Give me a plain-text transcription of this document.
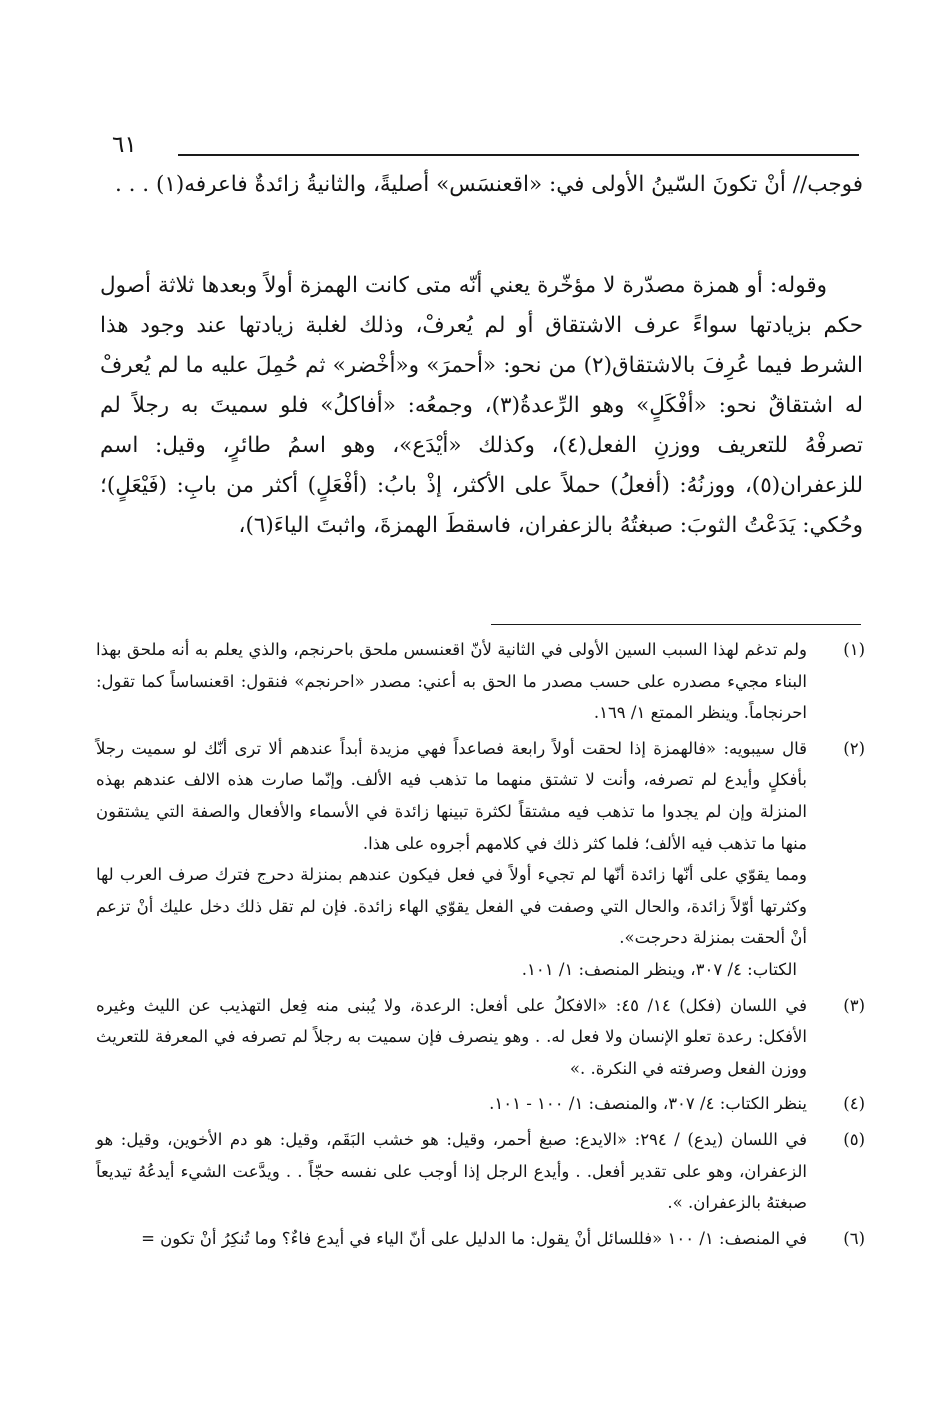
٦١

فوجب// أنْ تكونَ السّينُ الأولى في: «اقعنسَس» أصليةً، والثانيةُ زائدةٌ فاعرفه(١) . . .

وقوله: أو همزة مصدّرة لا مؤخّرة يعني أنّه متى كانت الهمزة أولاً وبعدها ثلاثة أصول حكم بزيادتها سواءً عرف الاشتقاق أو لم يُعرفْ، وذلك لغلبة زيادتها عند وجود هذا الشرط فيما عُرِفَ بالاشتقاق(٢) من نحو: «أحمرَ» و«أخْضر» ثم حُمِلَ عليه ما لم يُعرفْ له اشتقاقٌ نحو: «أفْكَلٍ» وهو الرِّعدةُ(٣)، وجمعُه: «أفاكلُ» فلو سميتَ به رجلاً لم تصرفْهُ للتعريف ووزنِ الفعل(٤)، وكذلك «أيْدَع»، وهو اسمُ طائرٍ، وقيل: اسم للزعفران(٥)، ووزنُهُ: (أفعلُ) حملاً على الأكثر، إذْ بابُ: (أفْعَلٍ) أكثر من بابِ: (فَيْعَلٍ)؛ وحُكي: يَدَعْتُ الثوبَ: صبغتُهُ بالزعفران، فاسقطَ الهمزةَ، واثبتَ الياءَ(٦)،

(١)

ولم تدغم لهذا السبب السين الأولى في الثانية لأنّ اقعنسس ملحق باحرنجم، والذي يعلم به أنه ملحق بهذا البناء مجيء مصدره على حسب مصدر ما الحق به أعني: مصدر «احرنجم» فنقول: اقعنساساً كما تقول: احرنجاماً. وينظر الممتع ١/ ١٦٩.

(٢)

قال سيبويه: «فالهمزة إذا لحقت أولاً رابعة فصاعداً فهي مزيدة أبداً عندهم ألا ترى أنّك لو سميت رجلاً بأفكلٍ وأيدع لم تصرفه، وأنت لا تشتق منهما ما تذهب فيه الألف. وإنّما صارت هذه الالف عندهم بهذه المنزلة وإن لم يجدوا ما تذهب فيه مشتقاً لكثرة تبينها زائدة في الأسماء والأفعال والصفة التي يشتقون منها ما تذهب فيه الألف؛ فلما كثر ذلك في كلامهم أجروه على هذا.

ومما يقوّي على أنّها زائدة أنّها لم تجيء أولاً في فعل فيكون عندهم بمنزلة دحرج فترك صرف العرب لها وكثرتها أوّلاً زائدة، والحال التي وصفت في الفعل يقوّي الهاء زائدة. فإن لم تقل ذلك دخل عليك أنْ تزعم أنْ ألحقت بمنزلة دحرجت».

الكتاب: ٤/ ٣٠٧، وينظر المنصف: ١/ ١٠١.

(٣)

في اللسان (فكل) ١٤/ ٤٥: «الافكلُ على أفعل: الرعدة، ولا يُبنى منه فِعل التهذيب عن الليث وغيره الأفكل: رعدة تعلو الإنسان ولا فعل له. . وهو ينصرف فإن سميت به رجلاً لم تصرفه في المعرفة للتعريث ووزن الفعل وصرفته في النكرة. .»

(٤)

ينظر الكتاب: ٤/ ٣٠٧، والمنصف: ١/ ١٠٠ - ١٠١.

(٥)

في اللسان (يدع) / ٢٩٤: «الايدع: صبغ أحمر، وقيل: هو خشب البَقَم، وقيل: هو دم الأخوين، وقيل: هو الزعفران، وهو على تقدير أفعل. . وأيدع الرجل إذا أوجب على نفسه حجّاً . . ويدَّعت الشيء أيدعُهُ تيديعاً صبغتهُ بالزعفران. ».

(٦)

في المنصف: ١/ ١٠٠ «فللسائل أنْ يقول: ما الدليل على أنّ الياء في أيدع فاءٌ؟ وما تُنكِرُ أنْ تكون =
